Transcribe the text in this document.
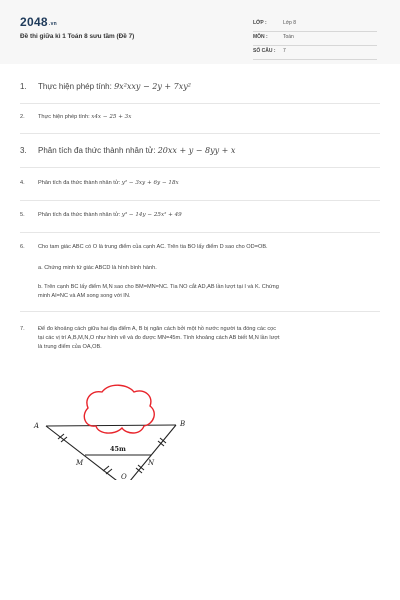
2048.vn
Đề thi giữa kì 1 Toán 8 sưu tầm (Đề 7)
LỚP :	Lớp 8
MÔN :	Toán
SỐ CÂU : 7
1. Thực hiện phép tính: 9x²xxy − 2y + 7xy²
2. Thực hiện phép tính: x4x − 25 + 3x
3. Phân tích đa thức thành nhân tử: 20xx + y − 8yy + x
4. Phân tích đa thức thành nhân tử: y² − 3xy + 6y − 18x
5. Phân tích đa thức thành nhân tử: y³ − 14y − 25x² + 49
6. Cho tam giác ABC có O là trung điểm của cạnh AC. Trên tia BO lấy điểm D sao cho OD=OB.
a. Chứng minh tứ giác ABCD là hình bình hành.
b. Trên cạnh BC lấy điểm M,N sao cho BM=MN=NC. Tia NO cắt AD,AB lần lượt tại I và K. Chứng
minh AI=NC và AM song song với IN.
7. Để đo khoảng cách giữa hai địa điểm A, B bị ngăn cách bởi một hồ nước người ta đóng các cọc
tại các vị trí A,B,M,N,O như hình vẽ và đo được MN=45m. Tính khoảng cách AB biết M,N lần lượt
là trung điểm của OA,OB.
A	B
M	N
O
45m
